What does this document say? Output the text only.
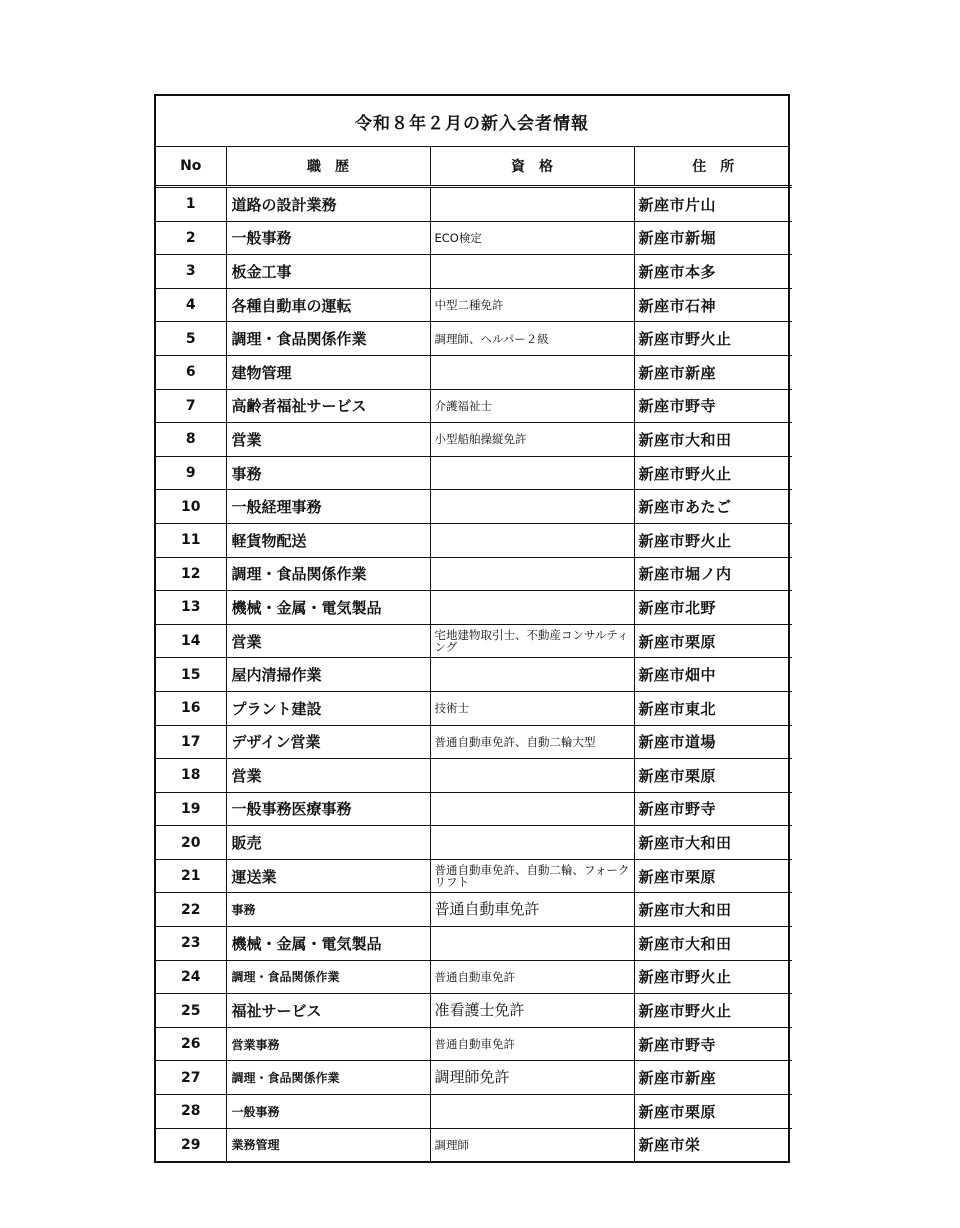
令和８年２月の新入会者情報
No	職　歴	資　格	住　所
1	道路の設計業務		新座市片山
2	一般事務	ECO検定	新座市新堀
3	板金工事		新座市本多
4	各種自動車の運転	中型二種免許	新座市石神
5	調理・食品関係作業	調理師、ヘルパー２級	新座市野火止
6	建物管理		新座市新座
7	高齢者福祉サービス	介護福祉士	新座市野寺
8	営業	小型船舶操縦免許	新座市大和田
9	事務		新座市野火止
10	一般経理事務		新座市あたご
11	軽貨物配送		新座市野火止
12	調理・食品関係作業		新座市堀ノ内
13	機械・金属・電気製品		新座市北野
14	営業	宅地建物取引士、不動産コンサルティング	新座市栗原
15	屋内清掃作業		新座市畑中
16	プラント建設	技術士	新座市東北
17	デザイン営業	普通自動車免許、自動二輪大型	新座市道場
18	営業		新座市栗原
19	一般事務医療事務		新座市野寺
20	販売		新座市大和田
21	運送業	普通自動車免許、自動二輪、フォークリフト	新座市栗原
22	事務	普通自動車免許	新座市大和田
23	機械・金属・電気製品		新座市大和田
24	調理・食品関係作業	普通自動車免許	新座市野火止
25	福祉サービス	准看護士免許	新座市野火止
26	営業事務	普通自動車免許	新座市野寺
27	調理・食品関係作業	調理師免許	新座市新座
28	一般事務		新座市栗原
29	業務管理	調理師	新座市栄
